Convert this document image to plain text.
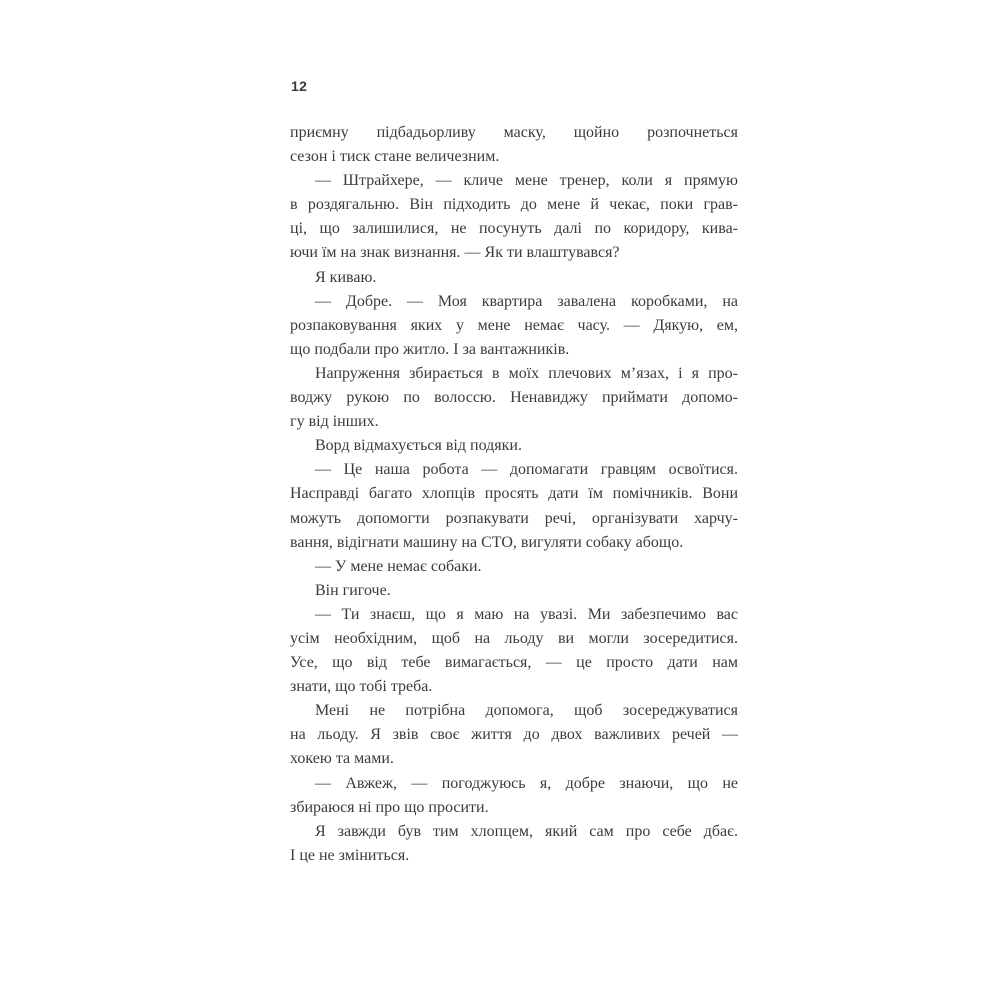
12
приємну підбадьорливу маску, щойно розпочнеться
сезон і тиск стане величезним.
— Штрайхере, — кличе мене тренер, коли я прямую
в роздягальню. Він підходить до мене й чекає, поки грав-
ці, що залишилися, не посунуть далі по коридору, кива-
ючи їм на знак визнання. — Як ти влаштувався?
Я киваю.
— Добре. — Моя квартира завалена коробками, на
розпаковування яких у мене немає часу. — Дякую, ем,
що подбали про житло. І за вантажників.
Напруження збирається в моїх плечових м’язах, і я про-
воджу рукою по волоссю. Ненавиджу приймати допомо-
гу від інших.
Ворд відмахується від подяки.
— Це наша робота — допомагати гравцям освоїтися.
Насправді багато хлопців просять дати їм помічників. Вони
можуть допомогти розпакувати речі, організувати харчу-
вання, відігнати машину на СТО, вигуляти собаку абощо.
— У мене немає собаки.
Він гигоче.
— Ти знаєш, що я маю на увазі. Ми забезпечимо вас
усім необхідним, щоб на льоду ви могли зосередитися.
Усе, що від тебе вимагається, — це просто дати нам
знати, що тобі треба.
Мені не потрібна допомога, щоб зосереджуватися
на льоду. Я звів своє життя до двох важливих речей —
хокею та мами.
— Авжеж, — погоджуюсь я, добре знаючи, що не
збираюся ні про що просити.
Я завжди був тим хлопцем, який сам про себе дбає.
І це не зміниться.
